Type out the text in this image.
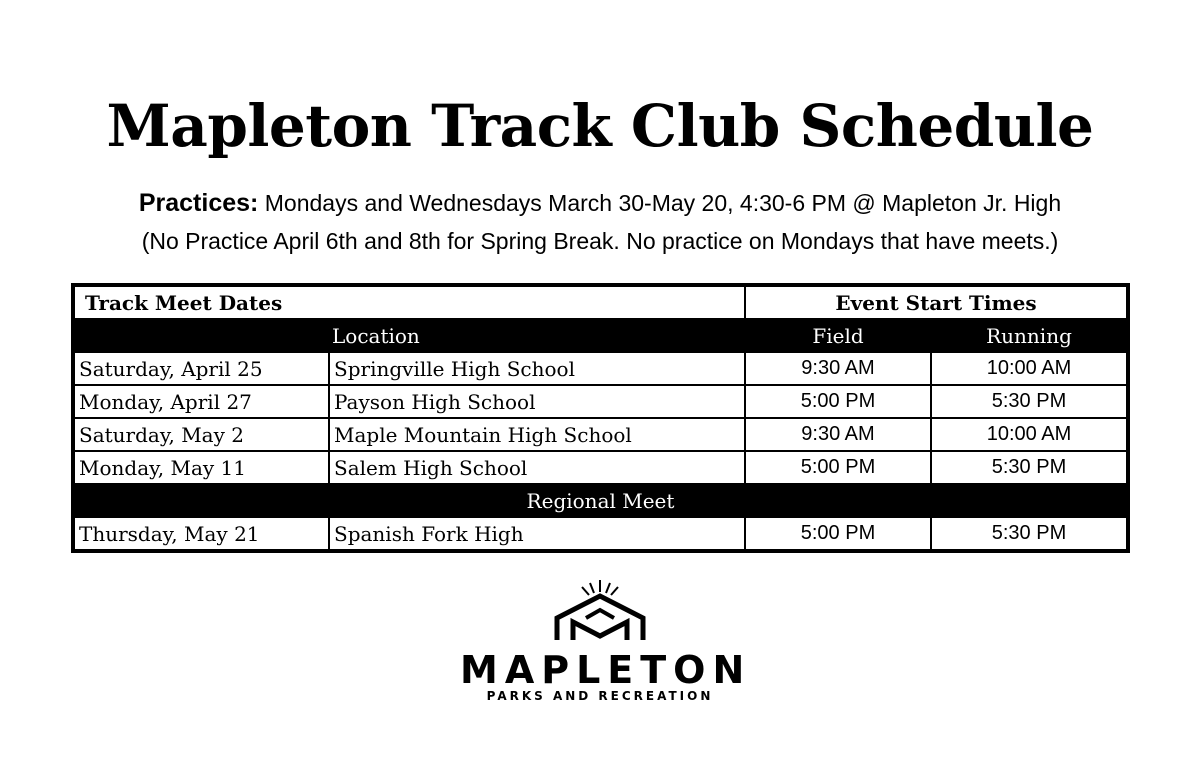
Mapleton Track Club Schedule
Practices: Mondays and Wednesdays March 30-May 20, 4:30-6 PM @ Mapleton Jr. High
(No Practice April 6th and 8th for Spring Break. No practice on Mondays that have meets.)
Track Meet Dates		Event Start Times	
	Location	Field	Running
Saturday, April 25	Springville High School	9:30 AM	10:00 AM
Monday, April 27	Payson High School	5:00 PM	5:30 PM
Saturday, May 2	Maple Mountain High School	9:30 AM	10:00 AM
Monday, May 11	Salem High School	5:00 PM	5:30 PM
Regional Meet			
Thursday, May 21	Spanish Fork High	5:00 PM	5:30 PM
MAPLETON
PARKS AND RECREATION
